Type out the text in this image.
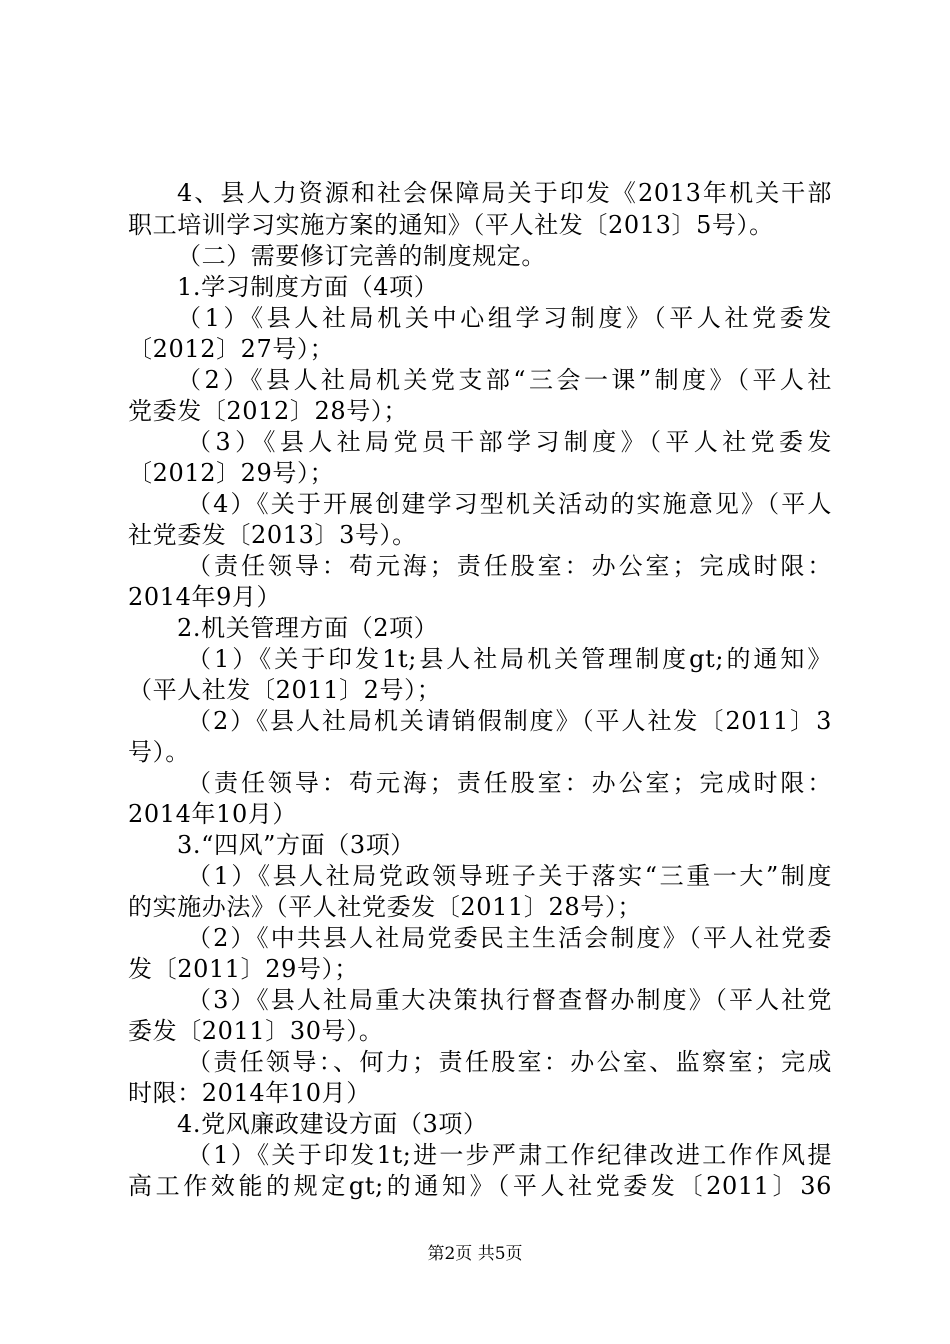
4、县人力资源和社会保障局关于印发《2013年机关干部
职工培训学习实施方案的通知》（平人社发〔2013〕5号）。
（二）需要修订完善的制度规定。
1.学习制度方面（4项）
（1）《县人社局机关中心组学习制度》（平人社党委发
〔2012〕27号）；
（2）《县人社局机关党支部“三会一课”制度》（平人社
党委发〔2012〕28号）；
（3）《县人社局党员干部学习制度》（平人社党委发
〔2012〕29号）；
（4）《关于开展创建学习型机关活动的实施意见》（平人
社党委发〔2013〕3号）。
（责任领导：苟元海；责任股室：办公室；完成时限：
2014年9月）
2.机关管理方面（2项）
（1）《关于印发1t;县人社局机关管理制度gt;的通知》
（平人社发〔2011〕2号）；
（2）《县人社局机关请销假制度》（平人社发〔2011〕3
号）。
（责任领导：苟元海；责任股室：办公室；完成时限：
2014年10月）
3.“四风”方面（3项）
（1）《县人社局党政领导班子关于落实“三重一大”制度
的实施办法》（平人社党委发〔2011〕28号）；
（2）《中共县人社局党委民主生活会制度》（平人社党委
发〔2011〕29号）；
（3）《县人社局重大决策执行督查督办制度》（平人社党
委发〔2011〕30号）。
（责任领导：、何力；责任股室：办公室、监察室；完成
时限：2014年10月）
4.党风廉政建设方面（3项）
（1）《关于印发1t;进一步严肃工作纪律改进工作作风提
高工作效能的规定gt;的通知》（平人社党委发〔2011〕36
第2页 共5页
